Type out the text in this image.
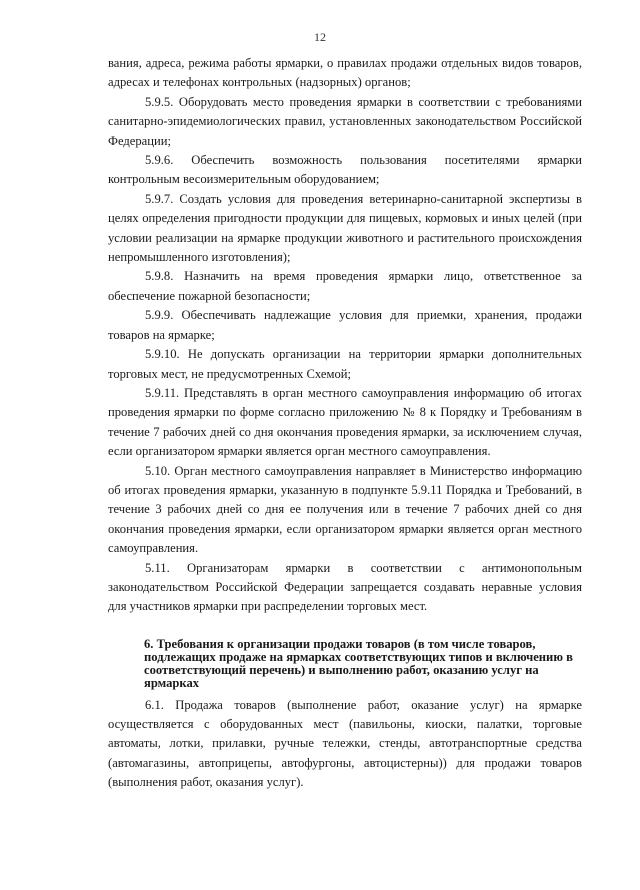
12

вания, адреса, режима работы ярмарки, о правилах продажи отдельных видов товаров, адресах и телефонах контрольных (надзорных) органов;

5.9.5. Оборудовать место проведения ярмарки в соответствии с требованиями санитарно-эпидемиологических правил, установленных законодательством Российской Федерации;

5.9.6. Обеспечить возможность пользования посетителями ярмарки контрольным весоизмерительным оборудованием;

5.9.7. Создать условия для проведения ветеринарно-санитарной экспертизы в целях определения пригодности продукции для пищевых, кормовых и иных целей (при условии реализации на ярмарке продукции животного и растительного происхождения непромышленного изготовления);

5.9.8. Назначить на время проведения ярмарки лицо, ответственное за обеспечение пожарной безопасности;

5.9.9. Обеспечивать надлежащие условия для приемки, хранения, продажи товаров на ярмарке;

5.9.10. Не допускать организации на территории ярмарки дополнительных торговых мест, не предусмотренных Схемой;

5.9.11. Представлять в орган местного самоуправления информацию об итогах проведения ярмарки по форме согласно приложению № 8 к Порядку и Требованиям в течение 7 рабочих дней со дня окончания проведения ярмарки, за исключением случая, если организатором ярмарки является орган местного самоуправления.

5.10. Орган местного самоуправления направляет в Министерство информацию об итогах проведения ярмарки, указанную в подпункте 5.9.11 Порядка и Требований, в течение 3 рабочих дней со дня ее получения или в течение 7 рабочих дней со дня окончания проведения ярмарки, если организатором ярмарки является орган местного самоуправления.

5.11. Организаторам ярмарки в соответствии с антимонопольным законодательством Российской Федерации запрещается создавать неравные условия для участников ярмарки при распределении торговых мест.

6. Требования к организации продажи товаров (в том числе товаров, подлежащих продаже на ярмарках соответствующих типов и включению в соответствующий перечень) и выполнению работ, оказанию услуг на ярмарках

6.1. Продажа товаров (выполнение работ, оказание услуг) на ярмарке осуществляется с оборудованных мест (павильоны, киоски, палатки, торговые автоматы, лотки, прилавки, ручные тележки, стенды, автотранспортные средства (автомагазины, автоприцепы, автофургоны, автоцистерны)) для продажи товаров (выполнения работ, оказания услуг).
